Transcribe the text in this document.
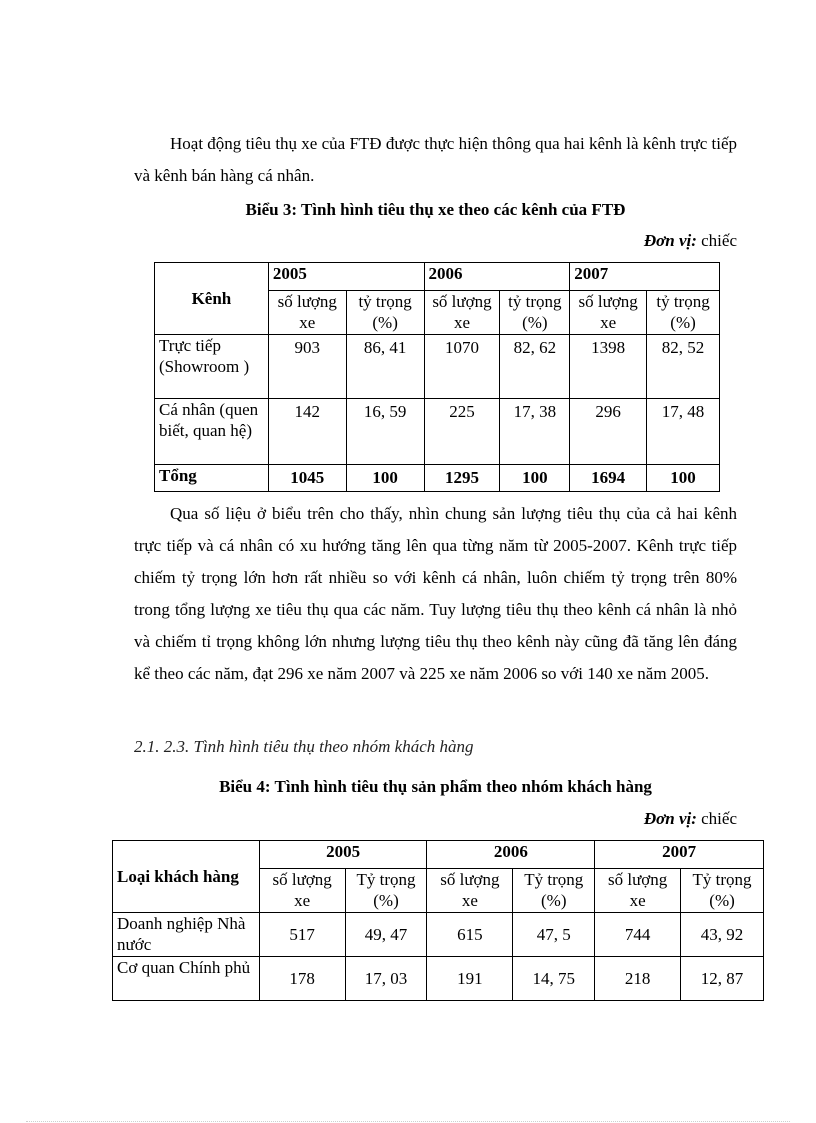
Hoạt động tiêu thụ xe của FTĐ được thực hiện thông qua hai kênh là kênh trực tiếp và kênh bán hàng cá nhân.

Biểu 3: Tình hình tiêu thụ xe theo các kênh của FTĐ

Đơn vị: chiếc

Kênh	2005		2006		2007	
	số lượng xe	tỷ trọng (%)	số lượng xe	tỷ trọng (%)	số lượng xe	tỷ trọng (%)
Trực tiếp (Showroom )	903	86, 41	1070	82, 62	1398	82, 52
Cá nhân (quen biết, quan hệ)	142	16, 59	225	17, 38	296	17, 48
Tổng	1045	100	1295	100	1694	100

Qua số liệu ở biểu trên cho thấy, nhìn chung sản lượng tiêu thụ của cả hai kênh trực tiếp và cá nhân có xu hướng tăng lên qua từng năm từ 2005-2007. Kênh trực tiếp chiếm tỷ trọng lớn hơn rất nhiều so với kênh cá nhân, luôn chiếm tỷ trọng trên 80% trong tổng lượng xe tiêu thụ qua các năm. Tuy lượng tiêu thụ theo kênh cá nhân là nhỏ và chiếm tỉ trọng không lớn nhưng lượng tiêu thụ theo kênh này cũng đã tăng lên đáng kể theo các năm, đạt 296 xe năm 2007 và 225 xe năm 2006 so với 140 xe năm 2005.

2.1. 2.3. Tình hình tiêu thụ theo nhóm khách hàng

Biểu 4: Tình hình tiêu thụ sản phẩm theo nhóm khách hàng

Đơn vị: chiếc

Loại khách hàng	2005		2006		2007	
	số lượng xe	Tỷ trọng (%)	số lượng xe	Tỷ trọng (%)	số lượng xe	Tỷ trọng (%)
Doanh nghiệp Nhà nước	517	49, 47	615	47, 5	744	43, 92
Cơ quan Chính phủ	178	17, 03	191	14, 75	218	12, 87
